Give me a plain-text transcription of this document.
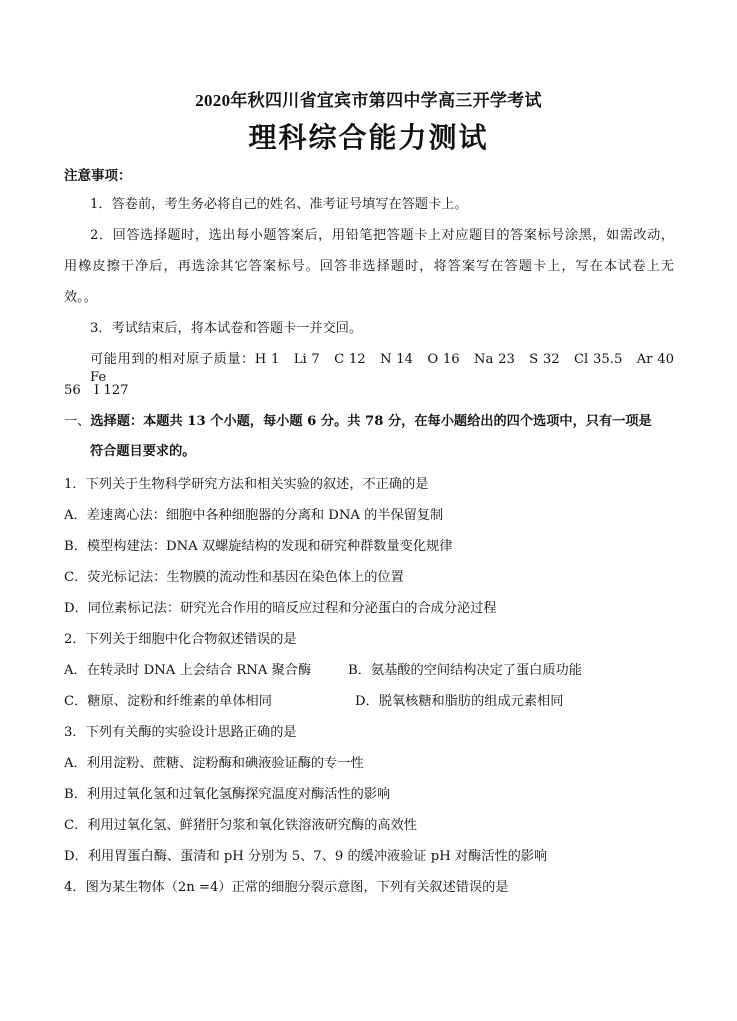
2020年秋四川省宜宾市第四中学高三开学考试
理科综合能力测试
注意事项：
1．答卷前，考生务必将自己的姓名、准考证号填写在答题卡上。
2．回答选择题时，选出每小题答案后，用铅笔把答题卡上对应题目的答案标号涂黑，如需改动，
用橡皮擦干净后，再选涂其它答案标号。回答非选择题时，将答案写在答题卡上，写在本试卷上无
效。。
3．考试结束后，将本试卷和答题卡一并交回。
可能用到的相对原子质量：H 1　Li 7　C 12　N 14　O 16　Na 23　S 32　Cl 35.5　Ar 40　Fe
56　I 127
一、选择题：本题共 13 个小题，每小题 6 分。共 78 分，在每小题给出的四个选项中，只有一项是
符合题目要求的。
1．下列关于生物科学研究方法和相关实验的叙述，不正确的是
A．差速离心法：细胞中各种细胞器的分离和 DNA 的半保留复制
B．模型构建法：DNA 双螺旋结构的发现和研究种群数量变化规律
C．荧光标记法：生物膜的流动性和基因在染色体上的位置
D．同位素标记法：研究光合作用的暗反应过程和分泌蛋白的合成分泌过程
2．下列关于细胞中化合物叙述错误的是
A．在转录时 DNA 上会结合 RNA 聚合酶	B．氨基酸的空间结构决定了蛋白质功能
C．糖原、淀粉和纤维素的单体相同	D．脱氧核糖和脂肪的组成元素相同
3．下列有关酶的实验设计思路正确的是
A．利用淀粉、蔗糖、淀粉酶和碘液验证酶的专一性
B．利用过氧化氢和过氧化氢酶探究温度对酶活性的影响
C．利用过氧化氢、鲜猪肝匀浆和氧化铁溶液研究酶的高效性
D．利用胃蛋白酶、蛋清和 pH 分别为 5、7、9 的缓冲液验证 pH 对酶活性的影响
4．图为某生物体（2n =4）正常的细胞分裂示意图，下列有关叙述错误的是
